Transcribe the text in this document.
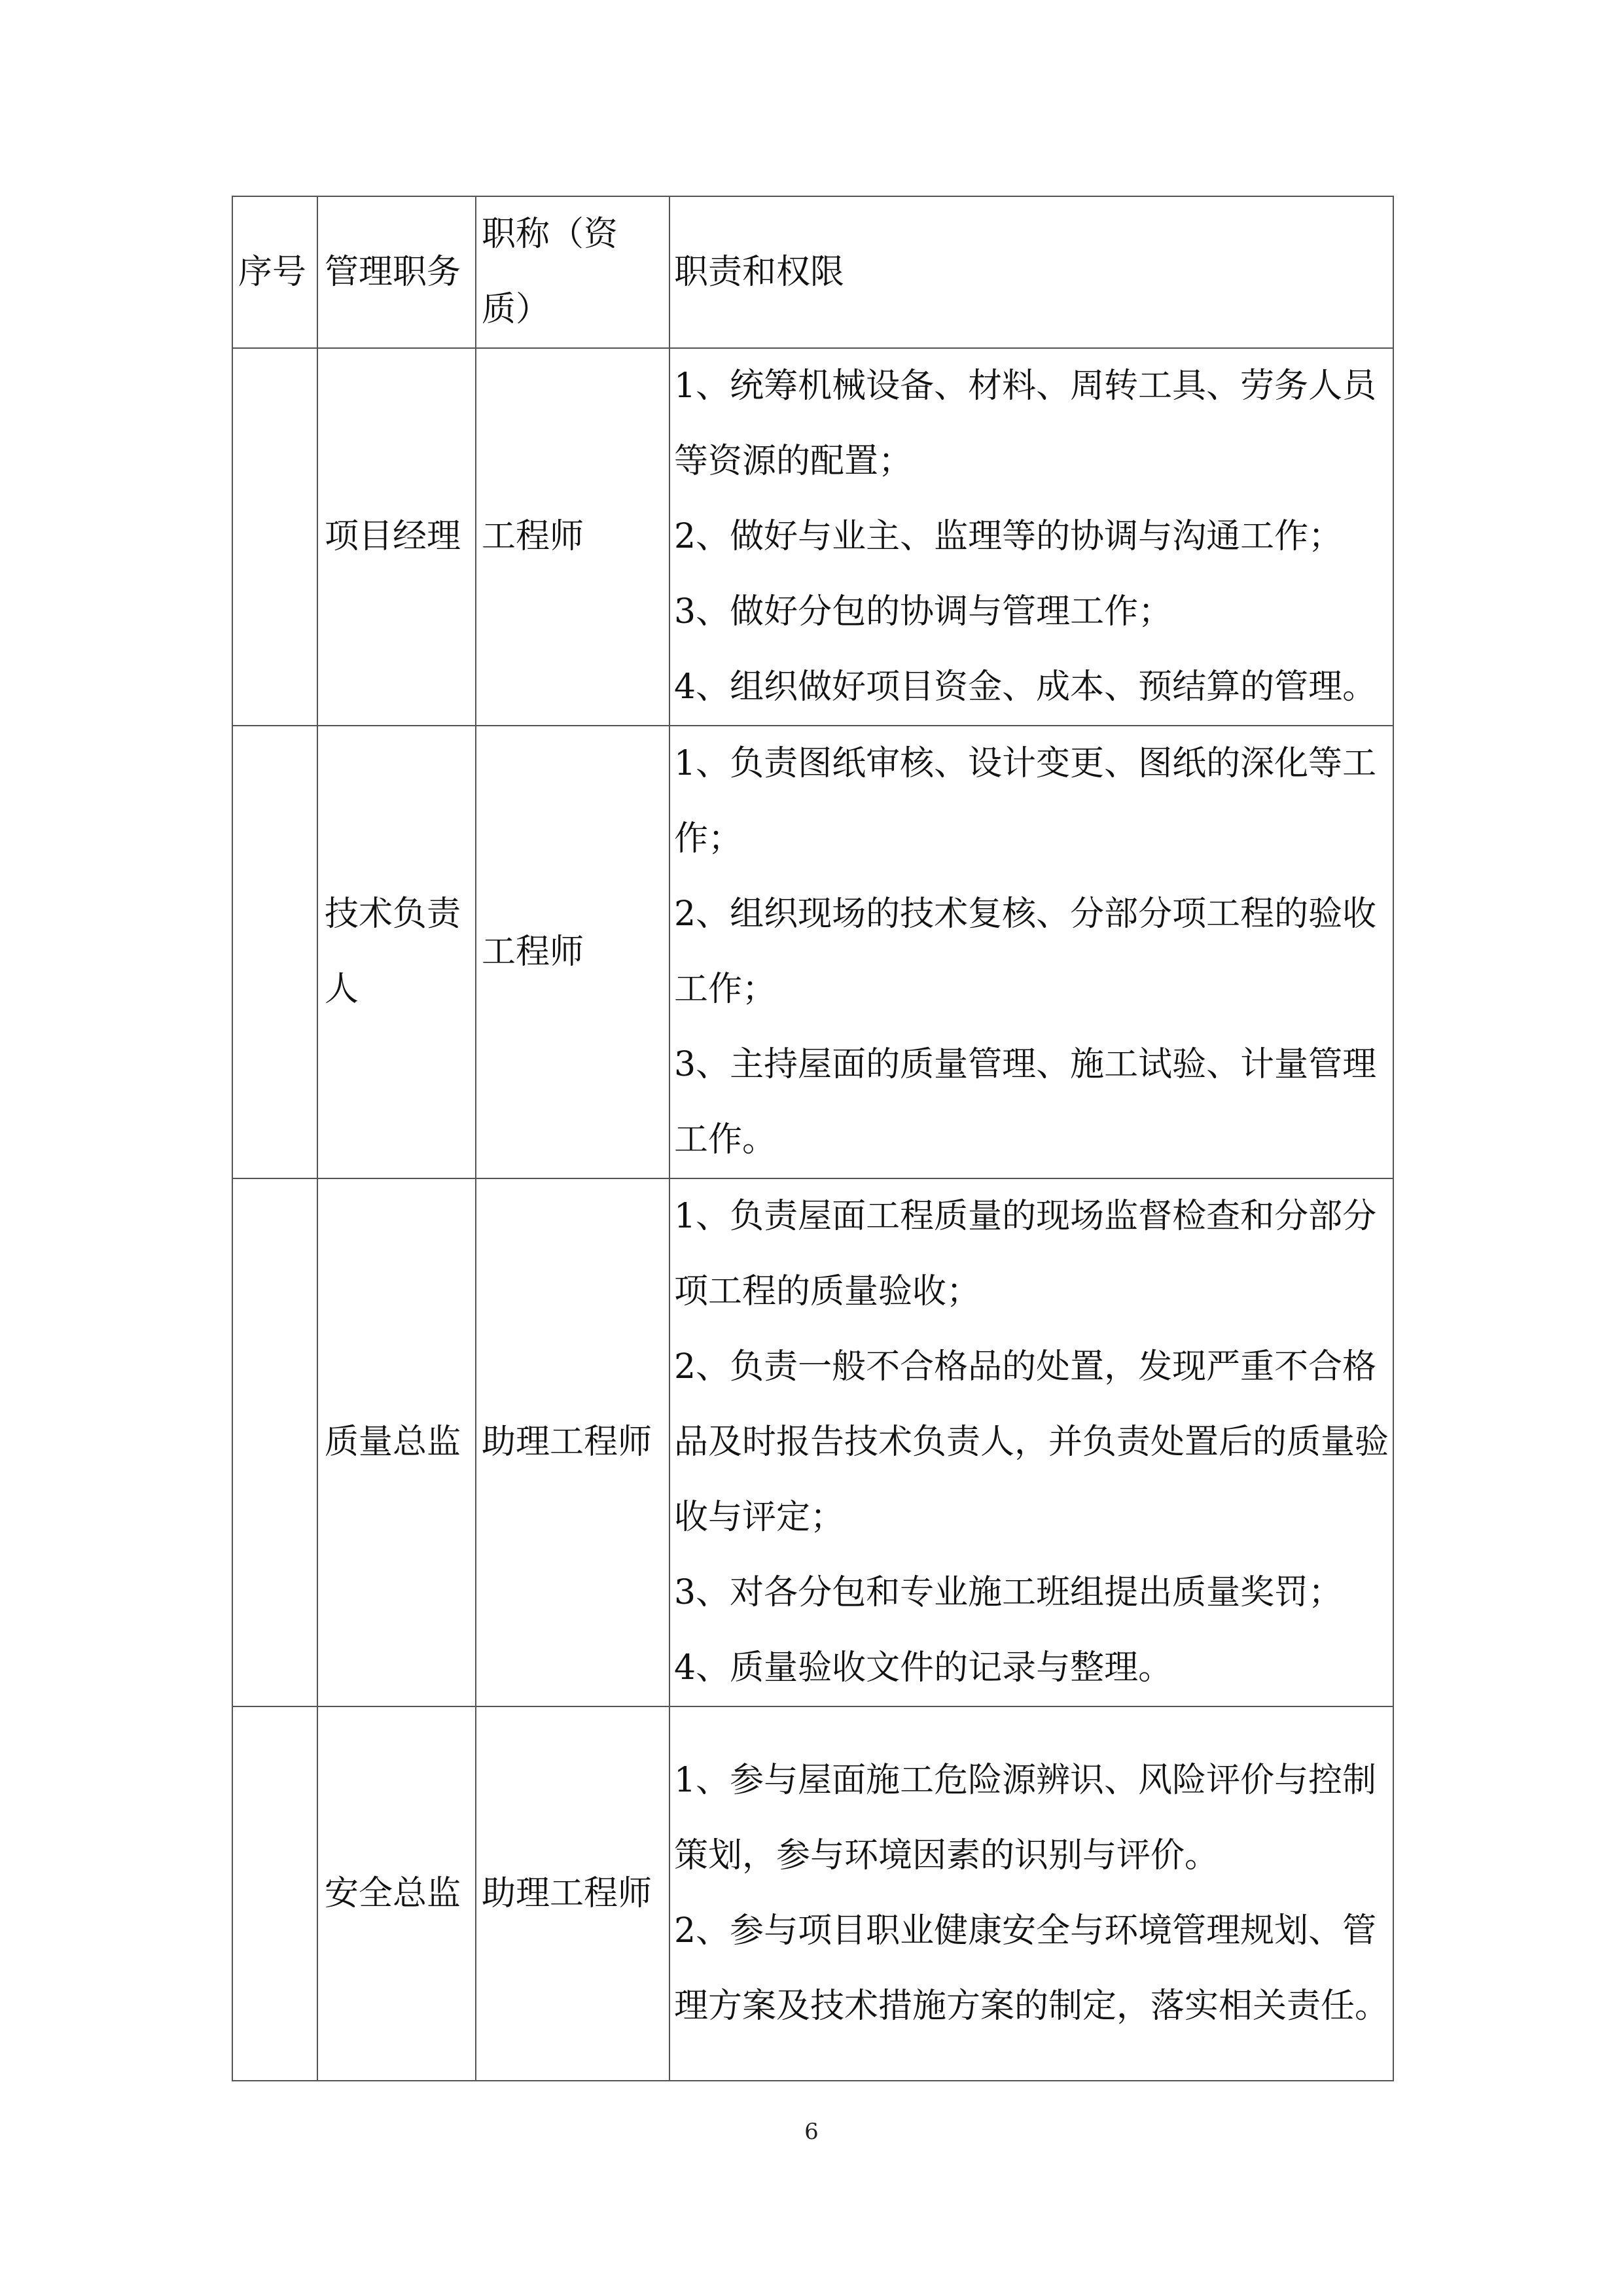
序号	管理职务	职称（资质）	职责和权限

	项目经理	工程师	1、统筹机械设备、材料、周转工具、劳务人员等资源的配置；
2、做好与业主、监理等的协调与沟通工作；
3、做好分包的协调与管理工作；
4、组织做好项目资金、成本、预结算的管理。

	技术负责人	工程师	1、负责图纸审核、设计变更、图纸的深化等工作；
2、组织现场的技术复核、分部分项工程的验收工作；
3、主持屋面的质量管理、施工试验、计量管理工作。

	质量总监	助理工程师	1、负责屋面工程质量的现场监督检查和分部分项工程的质量验收；
2、负责一般不合格品的处置，发现严重不合格品及时报告技术负责人，并负责处置后的质量验收与评定；
3、对各分包和专业施工班组提出质量奖罚；
4、质量验收文件的记录与整理。

	安全总监	助理工程师	1、参与屋面施工危险源辨识、风险评价与控制策划，参与环境因素的识别与评价。
2、参与项目职业健康安全与环境管理规划、管理方案及技术措施方案的制定，落实相关责任。
6
